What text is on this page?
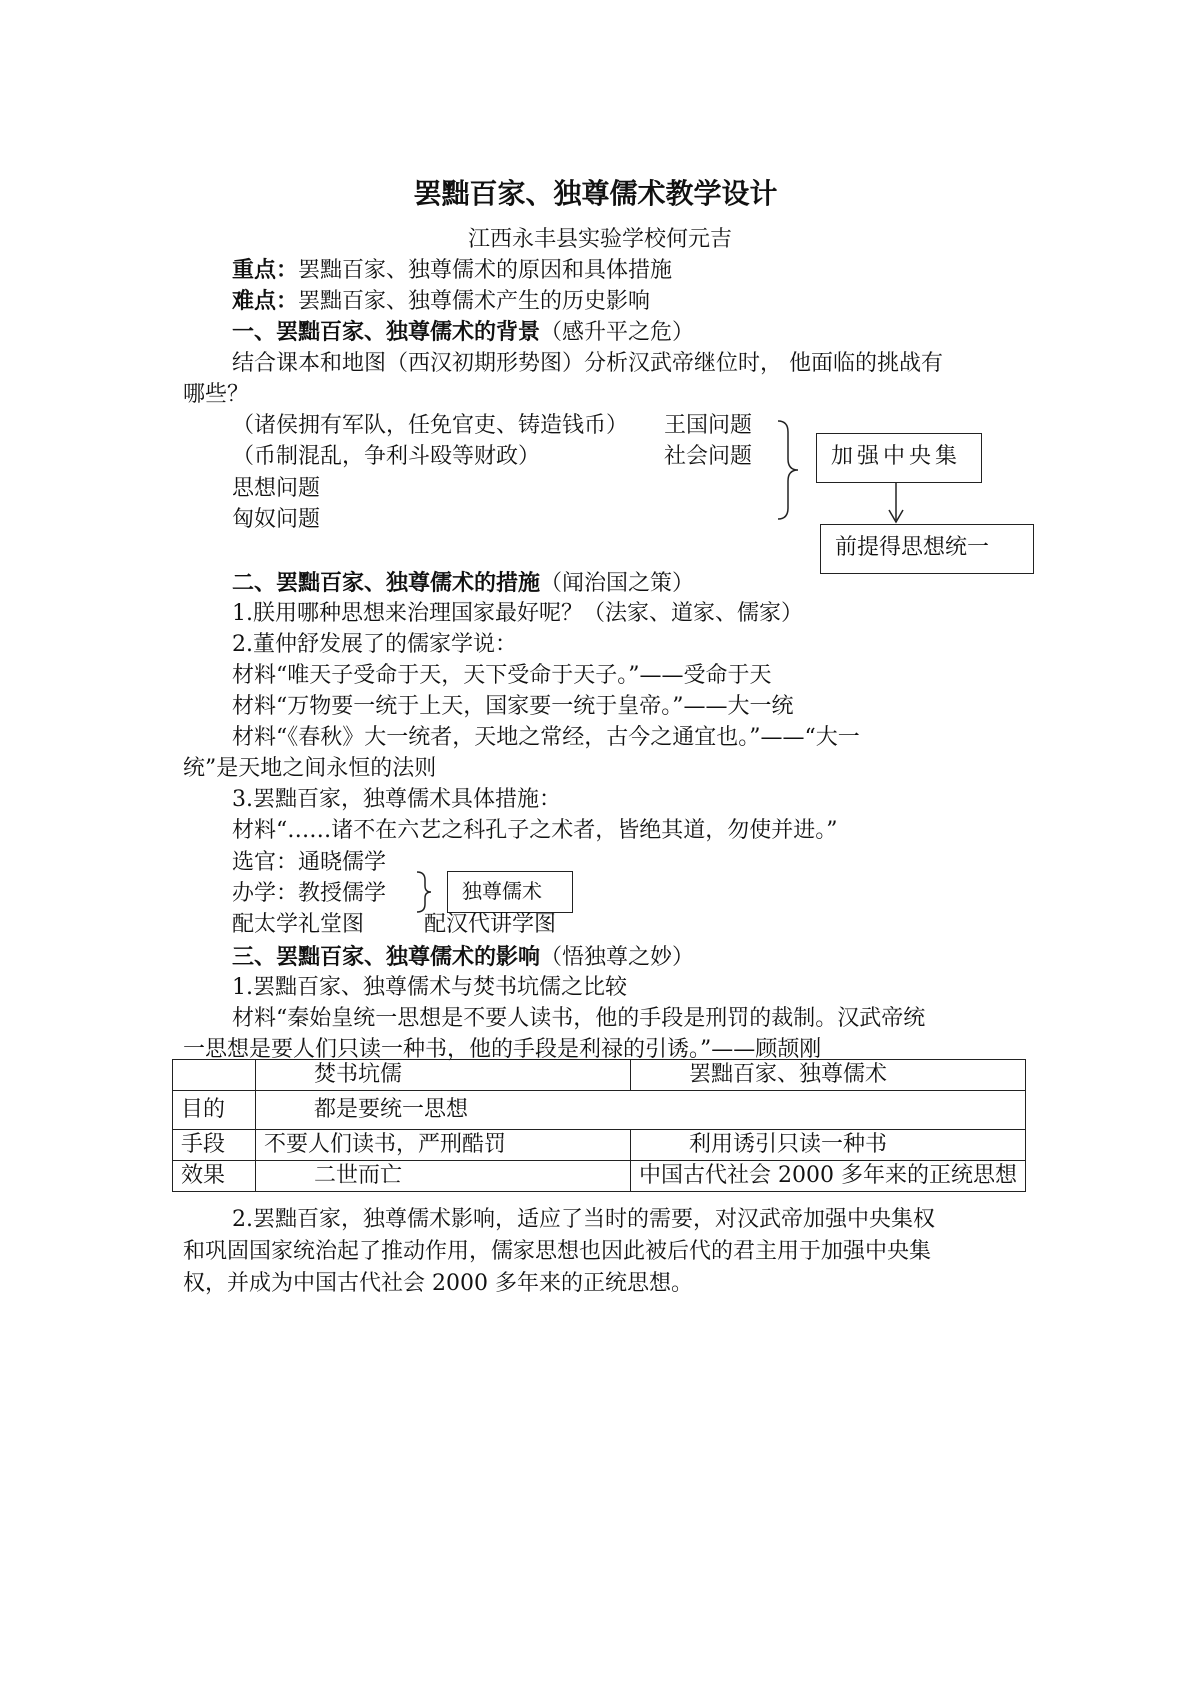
罢黜百家、独尊儒术教学设计
江西永丰县实验学校何元吉
重点：罢黜百家、独尊儒术的原因和具体措施
难点：罢黜百家、独尊儒术产生的历史影响
一、罢黜百家、独尊儒术的背景（感升平之危）
结合课本和地图（西汉初期形势图）分析汉武帝继位时， 他面临的挑战有
哪些？
（诸侯拥有军队，任免官吏、铸造钱币） 王国问题
（币制混乱，争利斗殴等财政）	社会问题
思想问题
匈奴问题
加强中央集
前提得思想统一
二、罢黜百家、独尊儒术的措施（闻治国之策）
1.朕用哪种思想来治理国家最好呢？（法家、道家、儒家）
2.董仲舒发展了的儒家学说：
材料“唯天子受命于天，天下受命于天子。”——受命于天
材料“万物要一统于上天，国家要一统于皇帝。”——大一统
材料“《春秋》大一统者，天地之常经，古今之通宜也。”——“大一
统”是天地之间永恒的法则
3.罢黜百家，独尊儒术具体措施：
材料“……诸不在六艺之科孔子之术者，皆绝其道，勿使并进。”
选官：通晓儒学
办学：教授儒学	独尊儒术
配太学礼堂图	配汉代讲学图
三、罢黜百家、独尊儒术的影响（悟独尊之妙）
1.罢黜百家、独尊儒术与焚书坑儒之比较
材料“秦始皇统一思想是不要人读书，他的手段是刑罚的裁制。汉武帝统
一思想是要人们只读一种书，他的手段是利禄的引诱。”——顾颉刚
	焚书坑儒	罢黜百家、独尊儒术
目的	都是要统一思想	
手段	不要人们读书，严刑酷罚	利用诱引只读一种书
效果	二世而亡	中国古代社会 2000 多年来的正统思想
2.罢黜百家，独尊儒术影响，适应了当时的需要，对汉武帝加强中央集权
和巩固国家统治起了推动作用，儒家思想也因此被后代的君主用于加强中央集
权，并成为中国古代社会 2000 多年来的正统思想。
